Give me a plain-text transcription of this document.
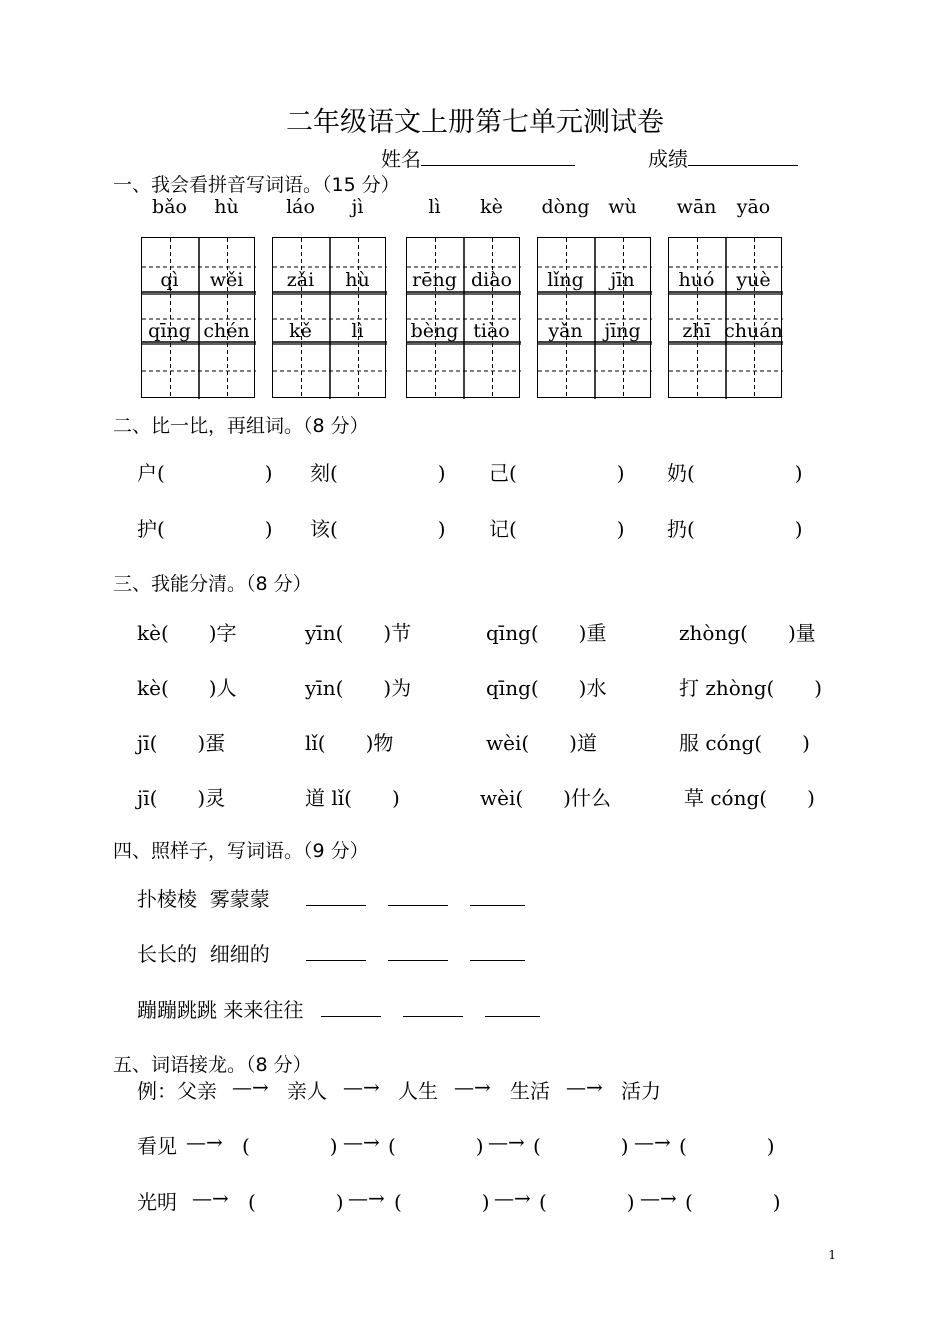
二年级语文上册第七单元测试卷
姓名	成绩
一、我会看拼音写词语。（15 分）
bǎo	hù	láo	jì	lì	kè	dòng wù	wān	yāo
qì	wěi	zǎi	hù	rēng diào	lǐng	jīn	huó	yuè
qīng chén	kě	lì	bèng tiào	yǎn	jīng	zhī chuán
二、比一比，再组词。（8 分）
户(　　　　　) 刻(　　　　　) 己(　　　　　) 奶(　　　　　)
护(　　　　　) 该(　　　　　) 记(　　　　　) 扔(　　　　　)
三、我能分清。（8 分）
kè(　　)字	yīn(　　)节	qīng(　　)重	zhòng(　　)量
kè(　　)人	yīn(　　)为	qīng(　　)水	打 zhòng(　　)
jī(　　)蛋	lǐ(　　)物	wèi(　　)道	服 cóng(　　)
jī(　　)灵	道 lǐ(　　)	wèi(　　)什么	草 cóng(　　)
四、照样子，写词语。（9 分）
扑棱棱 雾蒙蒙
长长的 细细的
蹦蹦跳跳 来来往往
五、词语接龙。（8 分）
例：父亲 —→ 亲人 —→ 人生 —→ 生活 —→ 活力
看见 —→ (　　　　) —→ (　　　　) —→ (　　　　) —→ (　　　　)
光明 —→ (　　　　) —→ (　　　　) —→ (　　　　) —→ (　　　　)
1
